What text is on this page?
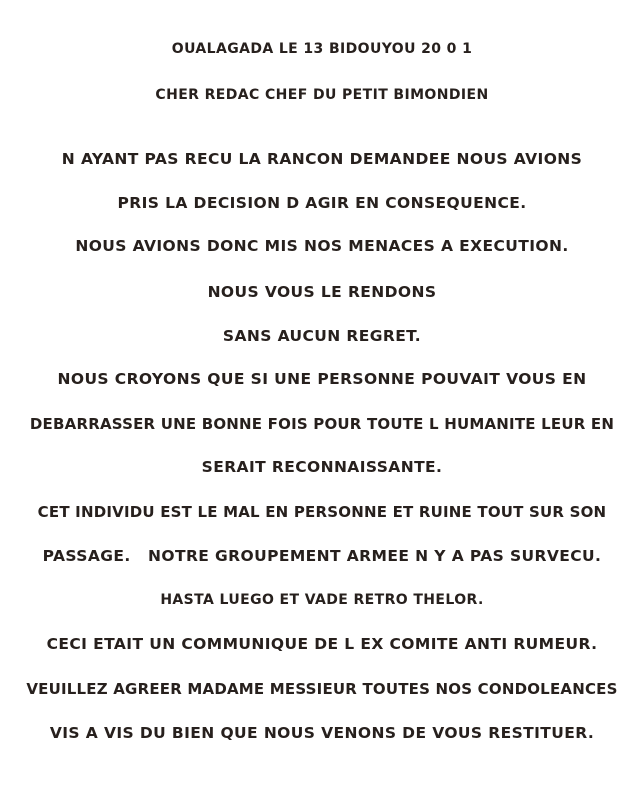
OUALAGADA LE 13 BIDOUYOU 20 0 1
CHER REDAC CHEF DU PETIT BIMONDIEN
N AYANT PAS RECU LA RANCON DEMANDEE NOUS AVIONS
PRIS LA DECISION D AGIR EN CONSEQUENCE.
NOUS AVIONS DONC MIS NOS MENACES A EXECUTION.
NOUS VOUS LE RENDONS
SANS AUCUN REGRET.
NOUS CROYONS QUE SI UNE PERSONNE POUVAIT VOUS EN
DEBARRASSER UNE BONNE FOIS POUR TOUTE L HUMANITE LEUR EN
SERAIT RECONNAISSANTE.
CET INDIVIDU EST LE MAL EN PERSONNE ET RUINE TOUT SUR SON
PASSAGE.   NOTRE GROUPEMENT ARMEE N Y A PAS SURVECU.
HASTA LUEGO ET VADE RETRO THELOR.
CECI ETAIT UN COMMUNIQUE DE L EX COMITE ANTI RUMEUR.
VEUILLEZ AGREER MADAME MESSIEUR TOUTES NOS CONDOLEANCES
VIS A VIS DU BIEN QUE NOUS VENONS DE VOUS RESTITUER.
